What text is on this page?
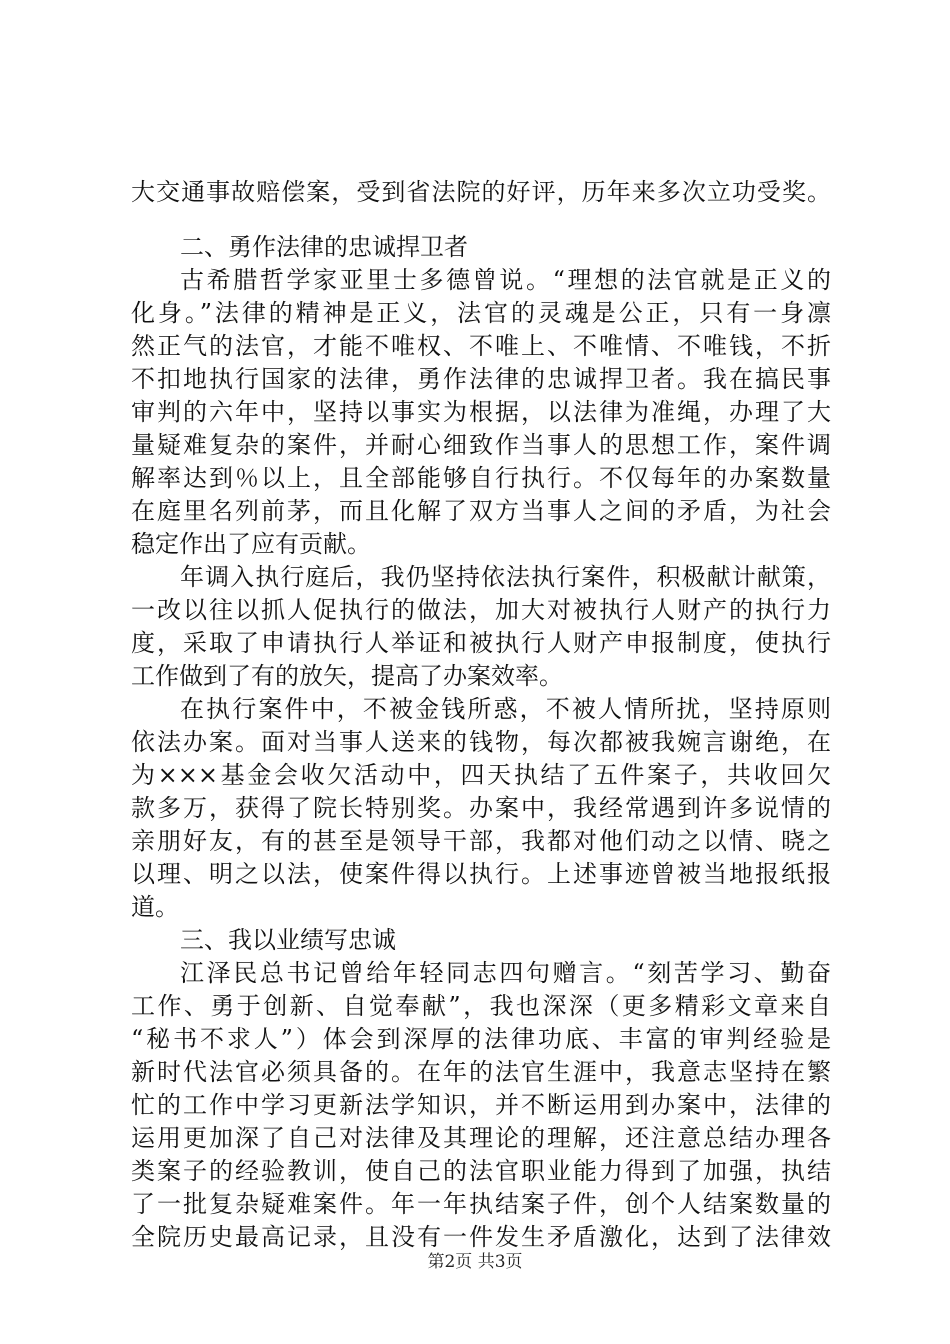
大交通事故赔偿案，受到省法院的好评，历年来多次立功受奖。
二、勇作法律的忠诚捍卫者
古希腊哲学家亚里士多德曾说。“理想的法官就是正义的
化身。”法律的精神是正义，法官的灵魂是公正，只有一身凛
然正气的法官，才能不唯权、不唯上、不唯情、不唯钱，不折
不扣地执行国家的法律，勇作法律的忠诚捍卫者。我在搞民事
审判的六年中，坚持以事实为根据，以法律为准绳，办理了大
量疑难复杂的案件，并耐心细致作当事人的思想工作，案件调
解率达到％以上，且全部能够自行执行。不仅每年的办案数量
在庭里名列前茅，而且化解了双方当事人之间的矛盾，为社会
稳定作出了应有贡献。
年调入执行庭后，我仍坚持依法执行案件，积极献计献策，
一改以往以抓人促执行的做法，加大对被执行人财产的执行力
度，采取了申请执行人举证和被执行人财产申报制度，使执行
工作做到了有的放矢，提高了办案效率。
在执行案件中，不被金钱所惑，不被人情所扰，坚持原则
依法办案。面对当事人送来的钱物，每次都被我婉言谢绝，在
为×××基金会收欠活动中，四天执结了五件案子，共收回欠
款多万，获得了院长特别奖。办案中，我经常遇到许多说情的
亲朋好友，有的甚至是领导干部，我都对他们动之以情、晓之
以理、明之以法，使案件得以执行。上述事迹曾被当地报纸报
道。
三、我以业绩写忠诚
江泽民总书记曾给年轻同志四句赠言。“刻苦学习、勤奋
工作、勇于创新、自觉奉献”，我也深深（更多精彩文章来自
“秘书不求人”）体会到深厚的法律功底、丰富的审判经验是
新时代法官必须具备的。在年的法官生涯中，我意志坚持在繁
忙的工作中学习更新法学知识，并不断运用到办案中，法律的
运用更加深了自己对法律及其理论的理解，还注意总结办理各
类案子的经验教训，使自己的法官职业能力得到了加强，执结
了一批复杂疑难案件。年一年执结案子件，创个人结案数量的
全院历史最高记录，且没有一件发生矛盾激化，达到了法律效
第2页 共3页
